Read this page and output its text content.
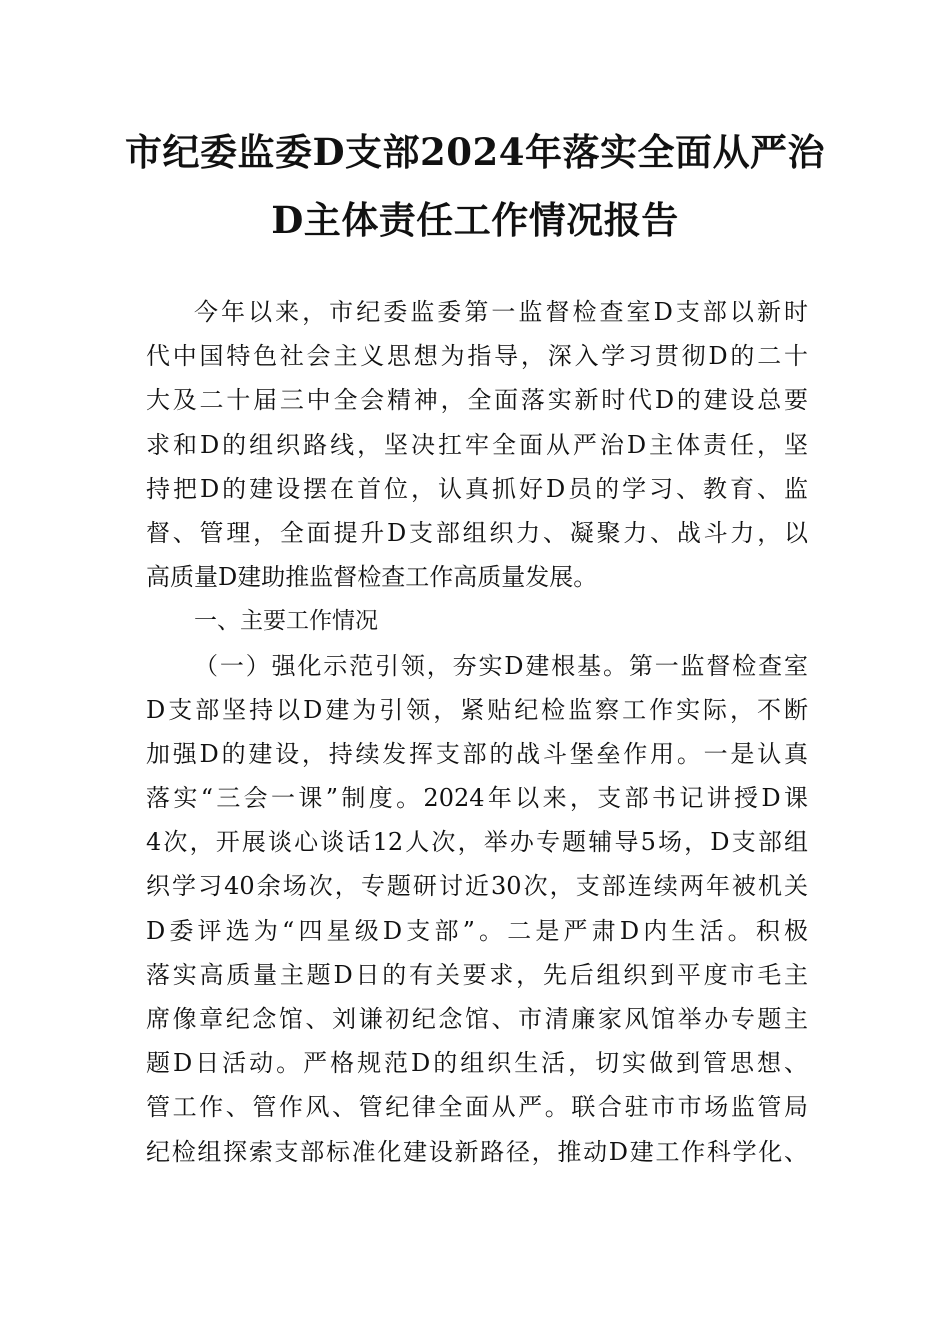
市纪委监委D支部2024年落实全面从严治
D主体责任工作情况报告
今年以来，市纪委监委第一监督检查室D支部以新时
代中国特色社会主义思想为指导，深入学习贯彻D的二十
大及二十届三中全会精神，全面落实新时代D的建设总要
求和D的组织路线，坚决扛牢全面从严治D主体责任，坚
持把D的建设摆在首位，认真抓好D员的学习、教育、监
督、管理，全面提升D支部组织力、凝聚力、战斗力，以
高质量D建助推监督检查工作高质量发展。
一、主要工作情况
（一）强化示范引领，夯实D建根基。第一监督检查室
D支部坚持以D建为引领，紧贴纪检监察工作实际，不断
加强D的建设，持续发挥支部的战斗堡垒作用。一是认真
落实“三会一课”制度。2024年以来，支部书记讲授D课
4次，开展谈心谈话12人次，举办专题辅导5场，D支部组
织学习40余场次，专题研讨近30次，支部连续两年被机关
D委评选为“四星级D支部”。二是严肃D内生活。积极
落实高质量主题D日的有关要求，先后组织到平度市毛主
席像章纪念馆、刘谦初纪念馆、市清廉家风馆举办专题主
题D日活动。严格规范D的组织生活，切实做到管思想、
管工作、管作风、管纪律全面从严。联合驻市市场监管局
纪检组探索支部标准化建设新路径，推动D建工作科学化、
